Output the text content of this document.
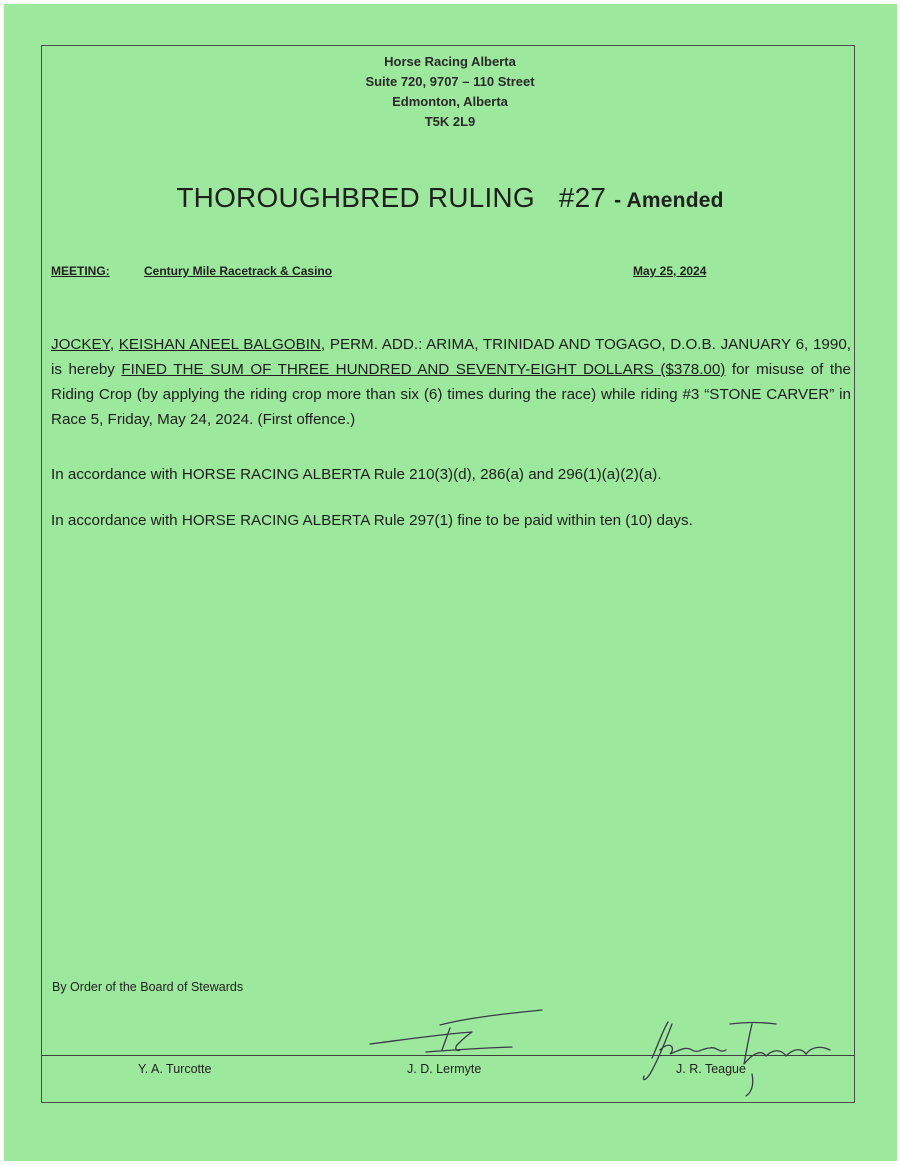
Horse Racing Alberta
Suite 720, 9707 – 110 Street
Edmonton, Alberta
T5K 2L9
THOROUGHBRED RULING #27 - Amended
MEETING:	Century Mile Racetrack & Casino	May 25, 2024
JOCKEY, KEISHAN ANEEL BALGOBIN, PERM. ADD.: ARIMA, TRINIDAD AND TOGAGO, D.O.B. JANUARY 6, 1990, is hereby FINED THE SUM OF THREE HUNDRED AND SEVENTY-EIGHT DOLLARS ($378.00) for misuse of the Riding Crop (by applying the riding crop more than six (6) times during the race) while riding #3 “STONE CARVER” in Race 5, Friday, May 24, 2024. (First offence.)
In accordance with HORSE RACING ALBERTA Rule 210(3)(d), 286(a) and 296(1)(a)(2)(a).
In accordance with HORSE RACING ALBERTA Rule 297(1) fine to be paid within ten (10) days.
By Order of the Board of Stewards
Y. A. Turcotte	J. D. Lermyte	J. R. Teague
